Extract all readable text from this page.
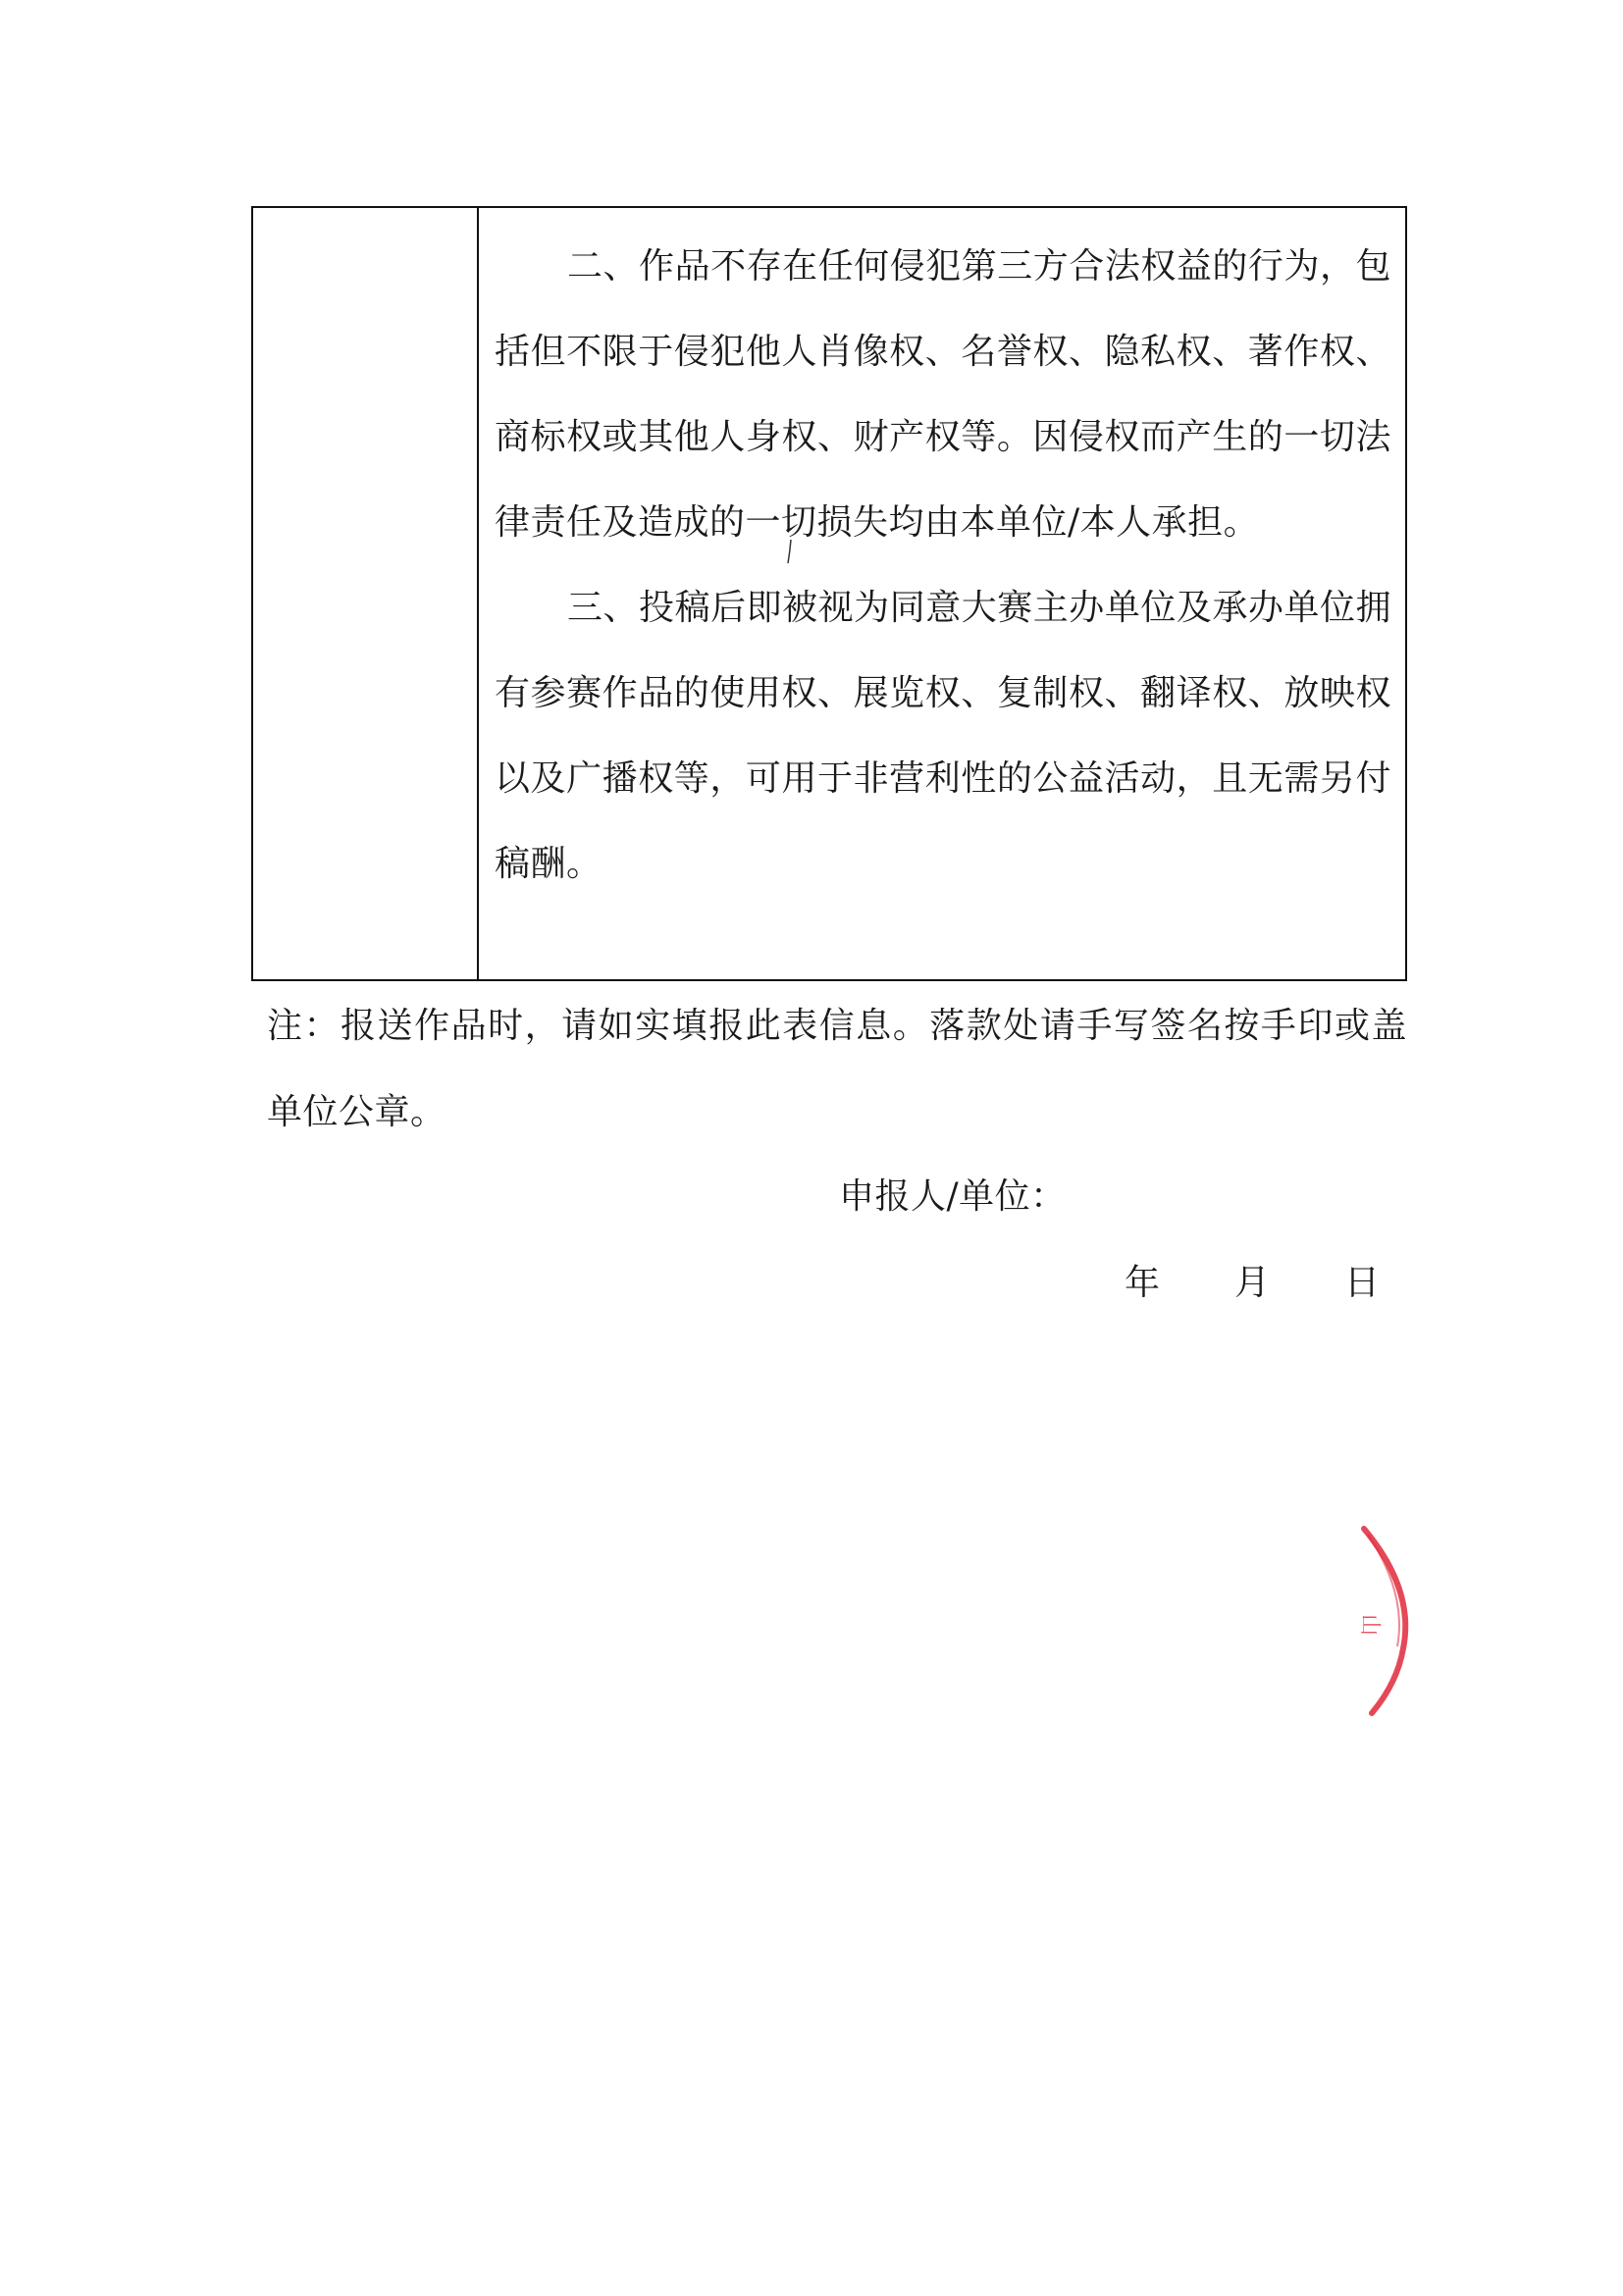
二、作品不存在任何侵犯第三方合法权益的行为，包括但不限于侵犯他人肖像权、名誉权、隐私权、著作权、商标权或其他人身权、财产权等。因侵权而产生的一切法律责任及造成的一切损失均由本单位/本人承担。

三、投稿后即被视为同意大赛主办单位及承办单位拥有参赛作品的使用权、展览权、复制权、翻译权、放映权以及广播权等，可用于非营利性的公益活动，且无需另付稿酬。

注：报送作品时，请如实填报此表信息。落款处请手写签名按手印或盖单位公章。

申报人/单位：
年 月 日
山
